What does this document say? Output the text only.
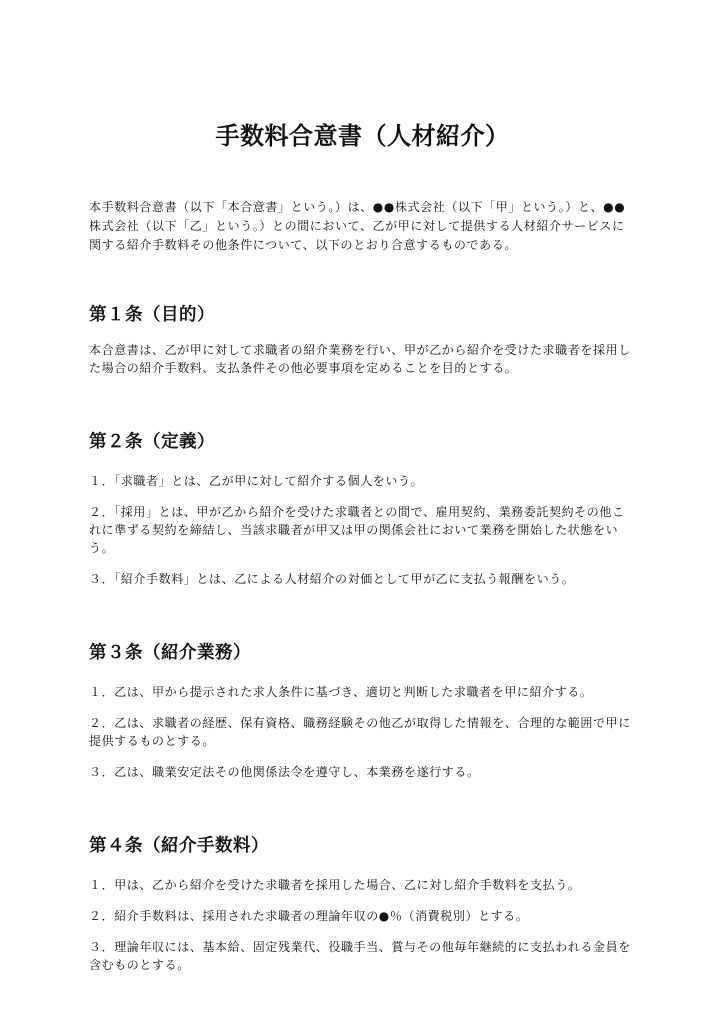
手数料合意書（人材紹介）

本手数料合意書（以下「本合意書」という。）は、●●株式会社（以下「甲」という。）と、●●株式会社（以下「乙」という。）との間において、乙が甲に対して提供する人材紹介サービスに関する紹介手数料その他条件について、以下のとおり合意するものである。

第１条（目的）

本合意書は、乙が甲に対して求職者の紹介業務を行い、甲が乙から紹介を受けた求職者を採用した場合の紹介手数料、支払条件その他必要事項を定めることを目的とする。

第２条（定義）

１．「求職者」とは、乙が甲に対して紹介する個人をいう。

２．「採用」とは、甲が乙から紹介を受けた求職者との間で、雇用契約、業務委託契約その他これに準ずる契約を締結し、当該求職者が甲又は甲の関係会社において業務を開始した状態をいう。

３．「紹介手数料」とは、乙による人材紹介の対価として甲が乙に支払う報酬をいう。

第３条（紹介業務）

１．乙は、甲から提示された求人条件に基づき、適切と判断した求職者を甲に紹介する。

２．乙は、求職者の経歴、保有資格、職務経験その他乙が取得した情報を、合理的な範囲で甲に提供するものとする。

３．乙は、職業安定法その他関係法令を遵守し、本業務を遂行する。

第４条（紹介手数料）

１．甲は、乙から紹介を受けた求職者を採用した場合、乙に対し紹介手数料を支払う。

２．紹介手数料は、採用された求職者の理論年収の●％（消費税別）とする。

３．理論年収には、基本給、固定残業代、役職手当、賞与その他毎年継続的に支払われる金員を含むものとする。
